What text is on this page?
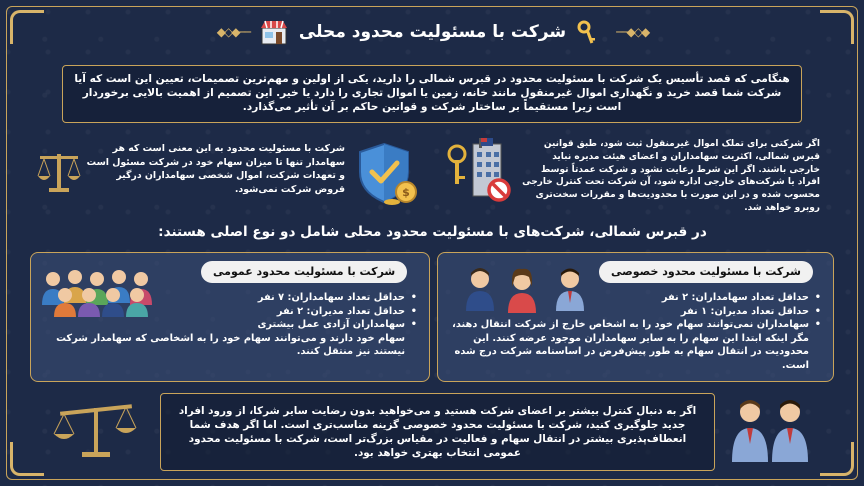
◆◇◆──
شرکت با مسئولیت محدود محلی
──◆◇◆

هنگامی که قصد تأسیس یک شرکت با مسئولیت محدود در قبرس شمالی را دارید، یکی از اولین و مهم‌ترین تصمیمات، تعیین این است که آیا شرکت شما قصد خرید و نگهداری اموال غیرمنقول مانند خانه، زمین یا اموال تجاری را دارد یا خیر. این تصمیم از اهمیت بالایی برخوردار است زیرا مستقیماً بر ساختار شرکت و قوانین حاکم بر آن تأثیر می‌گذارد.

اگر شرکتی برای تملک اموال غیرمنقول ثبت شود، طبق قوانین قبرس شمالی، اکثریت سهامداران و اعضای هیئت مدیره نباید خارجی باشند. اگر این شرط رعایت نشود و شرکت عمدتاً توسط افراد یا شرکت‌های خارجی اداره شود، آن شرکت تحت کنترل خارجی محسوب شده و در این صورت با محدودیت‌ها و مقررات سخت‌تری روبرو خواهد شد.
$
شرکت با مسئولیت محدود به این معنی است که هر سهامدار تنها تا میزان سهام خود در شرکت مسئول است و تعهدات شرکت، اموال شخصی سهامداران درگیر قروض شرکت نمی‌شود.
در قبرس شمالی، شرکت‌های با مسئولیت محدود محلی شامل دو نوع اصلی هستند:
شرکت با مسئولیت محدود خصوصی
• حداقل تعداد سهامداران: ۲ نفر
• حداقل تعداد مدیران: ۱ نفر
• سهامداران نمی‌توانند سهام خود را به اشخاص خارج از شرکت انتقال دهند، مگر اینکه ابتدا این سهام را به سایر سهامداران موجود عرضه کنند. این محدودیت در انتقال سهام به طور پیش‌فرض در اساسنامه شرکت درج شده است.
شرکت با مسئولیت محدود عمومی
• حداقل تعداد سهامداران: ۷ نفر
• حداقل تعداد مدیران: ۲ نفر
• سهامداران آزادی عمل بیشتری
سهام خود دارند و می‌توانند سهام خود را به اشخاصی که سهامدار شرکت نیستند نیز منتقل کنند.

اگر به دنبال کنترل بیشتر بر اعضای شرکت هستید و می‌خواهید بدون رضایت سایر شرکا، از ورود افراد جدید جلوگیری کنید، شرکت با مسئولیت محدود خصوصی گزینه مناسب‌تری است. اما اگر هدف شما انعطاف‌پذیری بیشتر در انتقال سهام و فعالیت در مقیاس بزرگ‌تر است، شرکت با مسئولیت محدود عمومی انتخاب بهتری خواهد بود.
